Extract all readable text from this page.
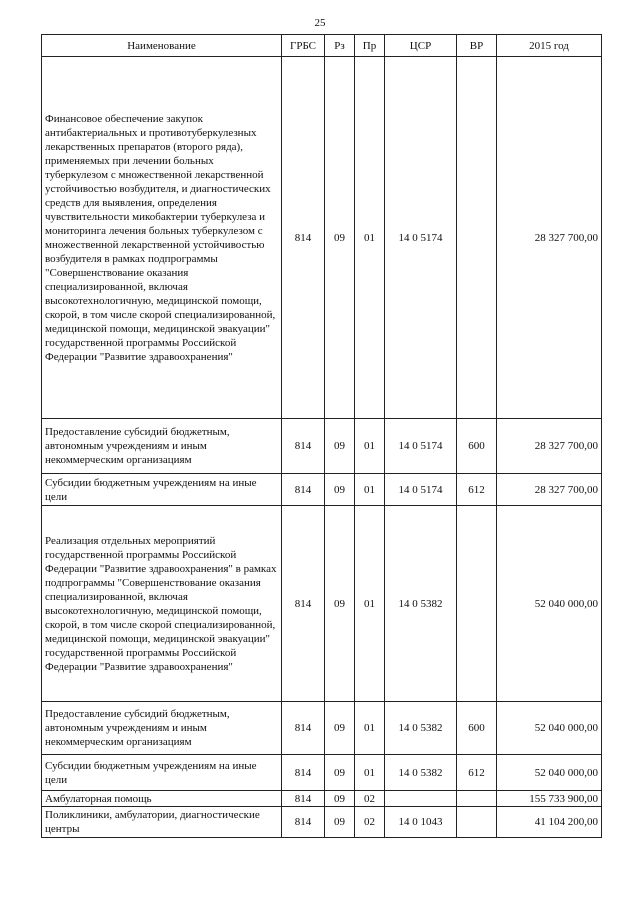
25
Наименование	ГРБС	Рз	Пр	ЦСР	ВР	2015 год
Финансовое обеспечение закупок антибактериальных и противотуберкулезных лекарственных препаратов (второго ряда), применяемых при лечении больных туберкулезом с множественной лекарственной устойчивостью возбудителя, и диагностических средств для выявления, определения чувствительности микобактерии туберкулеза и мониторинга лечения больных туберкулезом с множественной лекарственной устойчивостью возбудителя в рамках подпрограммы "Совершенствование оказания специализированной, включая высокотехнологичную, медицинской помощи, скорой, в том числе скорой специализированной, медицинской помощи, медицинской эвакуации" государственной программы Российской Федерации "Развитие здравоохранения"	814	09	01	14 0 5174		28 327 700,00
Предоставление субсидий бюджетным, автономным учреждениям и иным некоммерческим организациям	814	09	01	14 0 5174	600	28 327 700,00
Субсидии бюджетным учреждениям на иные цели	814	09	01	14 0 5174	612	28 327 700,00
Реализация отдельных мероприятий государственной программы Российской Федерации "Развитие здравоохранения" в рамках подпрограммы "Совершенствование оказания специализированной, включая высокотехнологичную, медицинской помощи, скорой, в том числе скорой специализированной, медицинской помощи, медицинской эвакуации" государственной программы Российской Федерации "Развитие здравоохранения"	814	09	01	14 0 5382		52 040 000,00
Предоставление субсидий бюджетным, автономным учреждениям и иным некоммерческим организациям	814	09	01	14 0 5382	600	52 040 000,00
Субсидии бюджетным учреждениям на иные цели	814	09	01	14 0 5382	612	52 040 000,00
Амбулаторная помощь	814	09	02			155 733 900,00
Поликлиники, амбулатории, диагностические центры	814	09	02	14 0 1043		41 104 200,00
